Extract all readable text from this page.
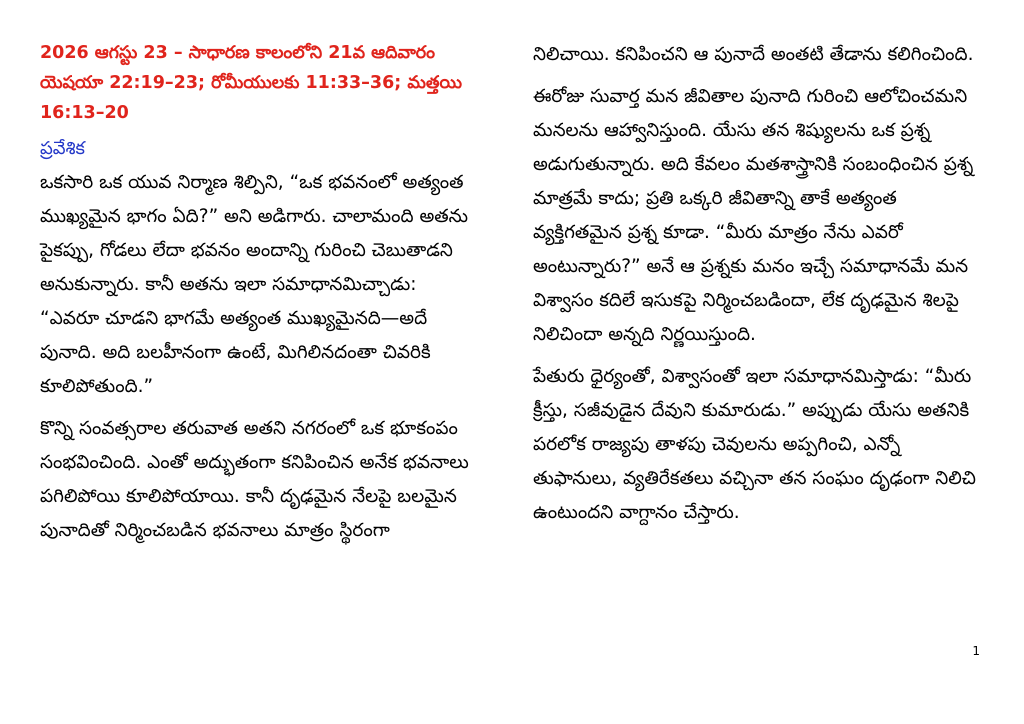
2026 ఆగస్టు 23 – సాధారణ కాలంలోని 21వ ఆదివారం

యెషయా 22:19–23; రోమీయులకు 11:33–36; మత్తయి 16:13–20

ప్రవేశిక

ఒకసారి ఒక యువ నిర్మాణ శిల్పిని, “ఒక భవనంలో అత్యంత ముఖ్యమైన భాగం ఏది?” అని అడిగారు. చాలామంది అతను పైకప్పు, గోడలు లేదా భవనం అందాన్ని గురించి చెబుతాడని అనుకున్నారు. కానీ అతను ఇలా సమాధానమిచ్చాడు: “ఎవరూ చూడని భాగమే అత్యంత ముఖ్యమైనది—అదే పునాది. అది బలహీనంగా ఉంటే, మిగిలినదంతా చివరికి కూలిపోతుంది.”

కొన్ని సంవత్సరాల తరువాత అతని నగరంలో ఒక భూకంపం సంభవించింది. ఎంతో అద్భుతంగా కనిపించిన అనేక భవనాలు పగిలిపోయి కూలిపోయాయి. కానీ దృఢమైన నేలపై బలమైన పునాదితో నిర్మించబడిన భవనాలు మాత్రం స్థిరంగా

నిలిచాయి. కనిపించని ఆ పునాదే అంతటి తేడాను కలిగించింది.

ఈరోజు సువార్త మన జీవితాల పునాది గురించి ఆలోచించమని మనలను ఆహ్వానిస్తుంది. యేసు తన శిష్యులను ఒక ప్రశ్న అడుగుతున్నారు. అది కేవలం మతశాస్త్రానికి సంబంధించిన ప్రశ్న మాత్రమే కాదు; ప్రతి ఒక్కరి జీవితాన్ని తాకే అత్యంత వ్యక్తిగతమైన ప్రశ్న కూడా. “మీరు మాత్రం నేను ఎవరో అంటున్నారు?” అనే ఆ ప్రశ్నకు మనం ఇచ్చే సమాధానమే మన విశ్వాసం కదిలే ఇసుకపై నిర్మించబడిందా, లేక దృఢమైన శిలపై నిలిచిందా అన్నది నిర్ణయిస్తుంది.

పేతురు ధైర్యంతో, విశ్వాసంతో ఇలా సమాధానమిస్తాడు: “మీరు క్రీస్తు, సజీవుడైన దేవుని కుమారుడు.” అప్పుడు యేసు అతనికి పరలోక రాజ్యపు తాళపు చెవులను అప్పగించి, ఎన్నో తుఫానులు, వ్యతిరేకతలు వచ్చినా తన సంఘం దృఢంగా నిలిచి ఉంటుందని వాగ్దానం చేస్తారు.

1
